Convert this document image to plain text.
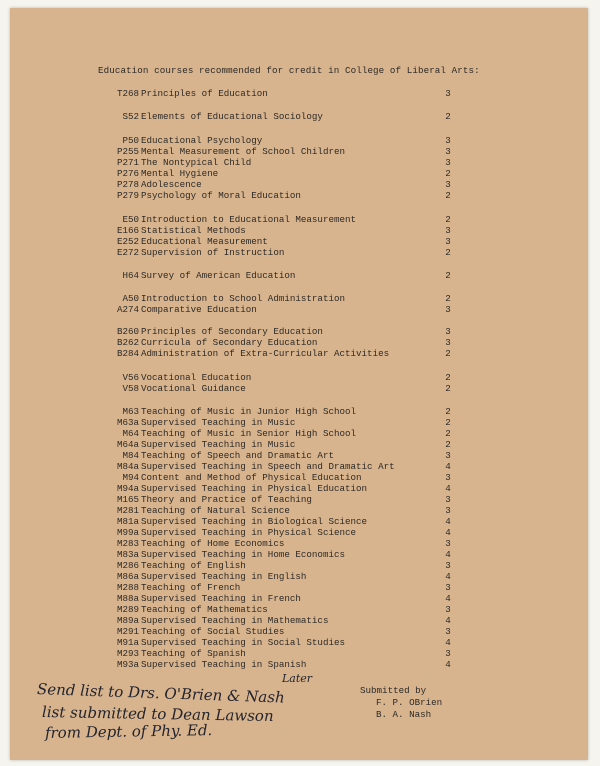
Education courses recommended for credit in College of Liberal Arts:
T268 Principles of Education	3
S52 Elements of Educational Sociology	2
P50 Educational Psychology	3
P255 Mental Measurement of School Children	3
P271 The Nontypical Child	3
P276 Mental Hygiene	2
P278 Adolescence	3
P279 Psychology of Moral Education	2
E50 Introduction to Educational Measurement	2
E166 Statistical Methods	3
E252 Educational Measurement	3
E272 Supervision of Instruction	2
H64 Survey of American Education	2
A50 Introduction to School Administration	2
A274 Comparative Education	3
B260 Principles of Secondary Education	3
B262 Curricula of Secondary Education	3
B284 Administration of Extra-Curricular Activities	2
V56 Vocational Education	2
V58 Vocational Guidance	2
M63 Teaching of Music in Junior High School	2
M63a Supervised Teaching in Music	2
M64 Teaching of Music in Senior High School	2
M64a Supervised Teaching in Music	2
M84 Teaching of Speech and Dramatic Art	3
M84a Supervised Teaching in Speech and Dramatic Art	4
M94 Content and Method of Physical Education	3
M94a Supervised Teaching in Physical Education	4
M165 Theory and Practice of Teaching	3
M281 Teaching of Natural Science	3
M81a Supervised Teaching in Biological Science	4
M99a Supervised Teaching in Physical Science	4
M283 Teaching of Home Economics	3
M83a Supervised Teaching in Home Economics	4
M286 Teaching of English	3
M86a Supervised Teaching in English	4
M288 Teaching of French	3
M88a Supervised Teaching in French	4
M289 Teaching of Mathematics	3
M89a Supervised Teaching in Mathematics	4
M291 Teaching of Social Studies	3
M91a Supervised Teaching in Social Studies	4
M293 Teaching of Spanish	3
M93a Supervised Teaching in Spanish	4
Submitted by
F. P. OBrien
B. A. Nash
Send list to Drs. O'Brien & Nash
Later
list submitted to Dean Lawson
from Dept. of Phy. Ed.
